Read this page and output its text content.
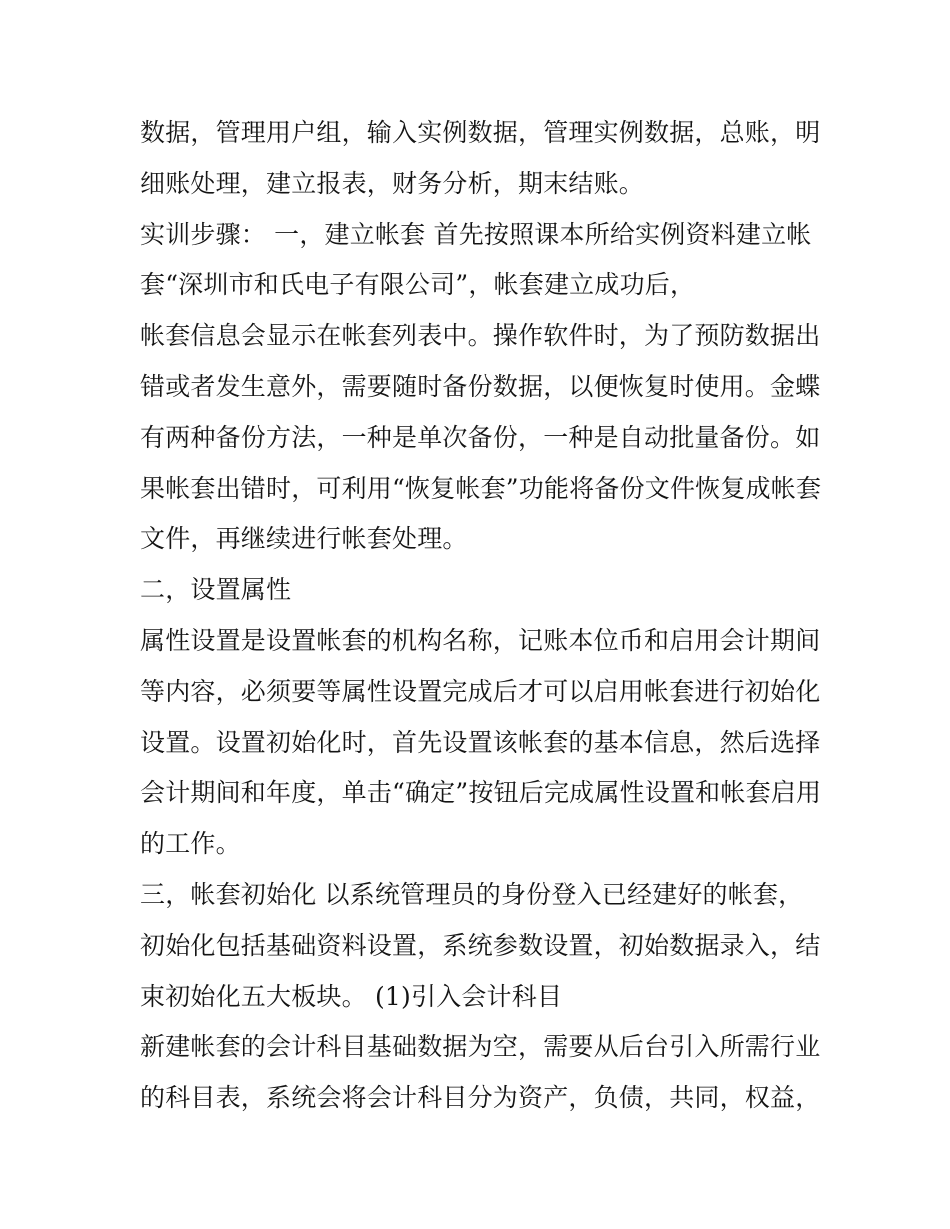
数据，管理用户组，输入实例数据，管理实例数据，总账，明
细账处理，建立报表，财务分析，期末结账。
实训步骤： 一，建立帐套 首先按照课本所给实例资料建立帐
套“深圳市和氏电子有限公司”，帐套建立成功后，
帐套信息会显示在帐套列表中。操作软件时，为了预防数据出
错或者发生意外，需要随时备份数据，以便恢复时使用。金蝶
有两种备份方法，一种是单次备份，一种是自动批量备份。如
果帐套出错时，可利用“恢复帐套”功能将备份文件恢复成帐套
文件，再继续进行帐套处理。
二，设置属性
属性设置是设置帐套的机构名称，记账本位币和启用会计期间
等内容，必须要等属性设置完成后才可以启用帐套进行初始化
设置。设置初始化时，首先设置该帐套的基本信息，然后选择
会计期间和年度，单击“确定”按钮后完成属性设置和帐套启用
的工作。
三，帐套初始化 以系统管理员的身份登入已经建好的帐套，
初始化包括基础资料设置，系统参数设置，初始数据录入，结
束初始化五大板块。 (1)引入会计科目
新建帐套的会计科目基础数据为空，需要从后台引入所需行业
的科目表，系统会将会计科目分为资产，负债，共同，权益，
